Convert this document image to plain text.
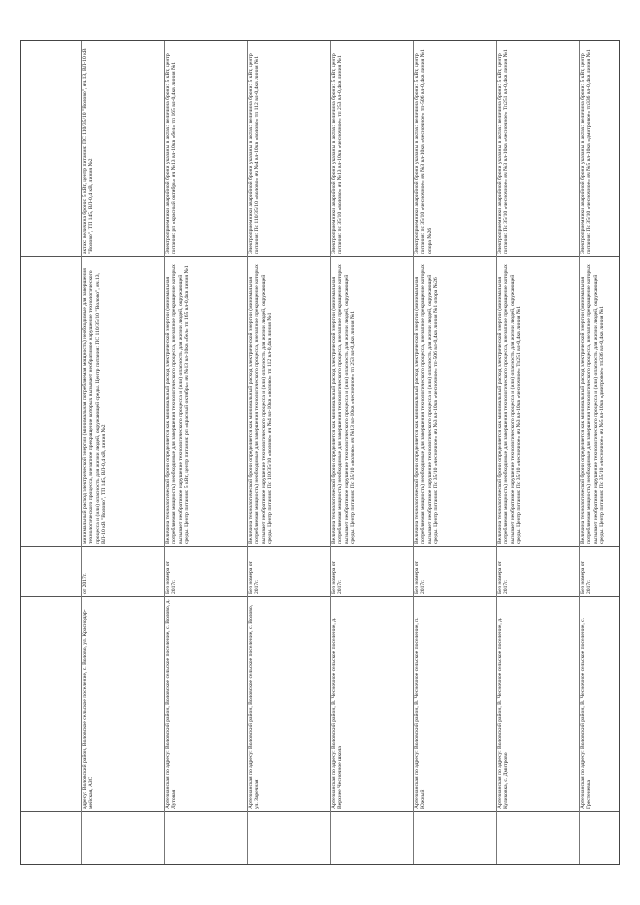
адресу: Воловский район, Воловское сельское поселение, с. Волово, ул. Краснодар-мейская, АЗС
от 2017г.
минимальный расход электрической энергии (минимальная потребляемая мощность) необходимые для завершения технологического процесса, внезапное прекращение которых вызывает необратимое нарушение технологического процесса и (или) опасность для жизни людей, окружающей среды. Центр питания: ПС 110/35/10 "Волово", яч.13, ВЛ-10 кВ "Волово", ТП 145, ВЛ-0,4 кВ, линия №2
актах: величина брони: 5 кВт, центр питания: ПС 110/35/10 "Волово", яч.13, ВЛ-10 кВ "Волово", ТП 145, ВЛ-0,4 кВ, линия №2
Артезианская по адресу: Воловский район, Воловское сельское поселение, с. Волово, д. Лутовая
Без номера от 2017г.
Величина технологической брони определяется как минимальный расход электрической энергии (минимальная потребляемая мощность) необходимые для завершения технологического процесса, внезапное прекращение которых вызывает необратимое нарушение технологического процесса и (или) опасность для жизни людей, окружающей среды. Центр питания: 5 кВт, центр питания: рп «красный октябрь» яч №13 вл-10кв «бел» тп 165 вл-0,4кв линия №1
Электроприемники аварийной брони указаны в актах: величина брони: 5 кВт, центр питания: рп «красный октябрь» яч №13 вл-10кв «бел» тп 165 вл-0,4кв линия №1
Артезианская по адресу: Воловский район, Воловское сельское поселение, с. Волово, ул. Заречная
Без номера от 2017г.
Величина технологической брони определяется как минимальный расход электрической энергии (минимальная потребляемая мощность) необходимые для завершения технологического процесса, внезапное прекращение которых вызывает необратимое нарушение технологического процесса и (или) опасность для жизни людей, окружающей среды. Центр питания: Пс 110/35/10 «волово» яч №4 вл-10кв «волово» тп 112 вл-0,4кв линия №1
Электроприемники аварийной брони указаны в актах: величина брони: 5 кВт, центр питания: Пс 110/35/10 «волово» яч №4 вл-10кв «волово» тп 112 вл-0,4кв линия №1
Артезианская по адресу: Воловский район, В. Чесночное сельское поселение, д. Верхнее Чесночное школа
Без номера от 2017г.
Величина технологической брони определяется как минимальный расход электрической энергии (минимальная потребляемая мощность) необходимые для завершения технологического процесса, внезапное прекращение которых вызывает необратимое нарушение технологического процесса и (или) опасность для жизни людей, окружающей среды. Центр питания: Пс 35/10 «волово» яч №13 вл-10кв «чесночное» тп 253 вл-0,4кв линия №1
Электроприемники аварийной брони указаны в актах: величина брони: 5 кВт, центр питания: пс 35/10 «волово» яч №13 вл-10кв «чесночное» тп 253 вл-0,4кв линия №1
Артезианская по адресу: Воловский район, В. Чесночное сельское поселение, п. Южный
Без номера от 2017г.
Величина технологической брони определяется как минимальный расход электрической энергии (минимальная потребляемая мощность) необходимые для завершения технологического процесса, внезапное прекращение которых вызывает необратимое нарушение технологического процесса и (или) опасность для жизни людей, окружающей среды. Центр питания: Пс 35/10 «чесночное» яч №3 вл-10кв «чесночное» тп-506 вл-0,4кв линия №1 опора №26
Электроприемники аварийной брони указаны в актах: величина брони: 5 кВт, центр питания: пс 35/10 «чесночное» яч №3 вл-10кв «чесночное» тп-506 вл-0,4кв линия №1 опора №26
Артезианская по адресу: Воловский район, В. Чесночное сельское поселение, д. Куликовка, с. Дмитрово
Без номера от 2017г.
Величина технологической брони определяется как минимальный расход электрической энергии (минимальная потребляемая мощность) необходимые для завершения технологического процесса, внезапное прекращение которых вызывает необратимое нарушение технологического процесса и (или) опасность для жизни людей, окружающей среды. Центр питания: Пс 35/10 «чесночное» яч №3 вл-10кв «чесночное» Тп251 вл-0,4кв линия №1
Электроприемники аварийной брони указаны в актах: величина брони: 5 кВт, центр питания: Пс 35/10 «чесночное» яч №3 вл-10кв «чесночное» Тп251 вл-0,4кв линия №1
Артезианская по адресу: Воловский район, В. Чесночное сельское поселение, с. Грестеневка
Без номера от 2017г.
Величина технологической брони определяется как минимальный расход электрической энергии (минимальная потребляемая мощность) необходимые для завершения технологического процесса, внезапное прекращение которых вызывает необратимое нарушение технологического процесса и (или) опасность для жизни людей, окружающей среды. Центр питания: Пс 35/10 «чесночное» яч №5 вл-10кв «дмитровое» тп336 вл-0,4кв линия №1
Электроприемники аварийной брони указаны в актах: величина брони: 5 кВт, центр питания: Пс 35/10 «чесночное» яч №5 вл-10кв «дмитровое» тп336 вл-0,4кв линия №1
